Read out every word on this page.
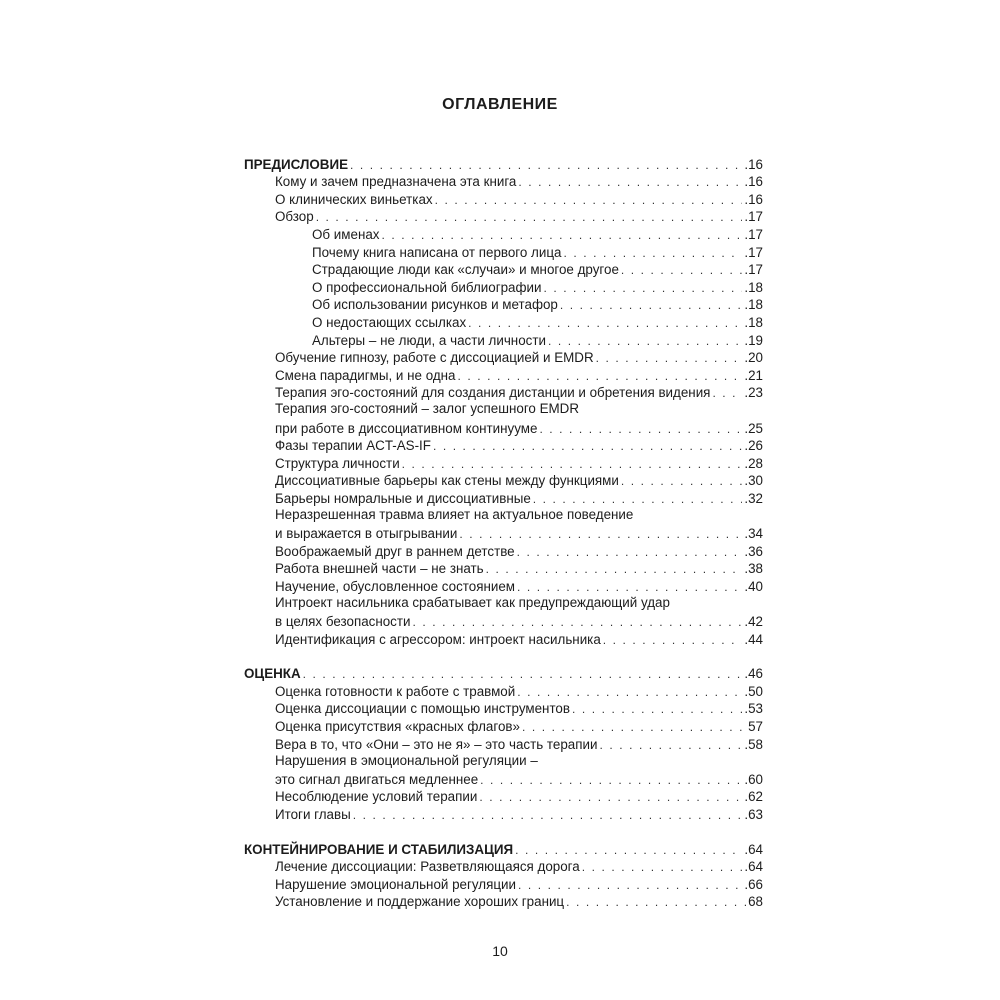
ОГЛАВЛЕНИЕ
ПРЕДИСЛОВИЕ . . .	.16
Кому и зачем предназначена эта книга . . .	.16
О клинических виньетках . . .	.16
Обзор . . .	.17
Об именах . . .	.17
Почему книга написана от первого лица . . .	.17
Страдающие люди как «случаи» и многое другое . . .	.17
О профессиональной библиографии . . .	.18
Об использовании рисунков и метафор . . .	.18
О недостающих ссылках . . .	.18
Альтеры – не люди, а части личности . . .	.19
Обучение гипнозу, работе с диссоциацией и EMDR . . .	.20
Смена парадигмы, и не одна . . .	.21
Терапия эго-состояний для создания дистанции и обретения видения . . .	.23
Терапия эго-состояний – залог успешного EMDR
при работе в диссоциативном континууме . . .	.25
Фазы терапии ACT-AS-IF . . .	.26
Структура личности . . .	.28
Диссоциативные барьеры как стены между функциями . . .	.30
Барьеры номральные и диссоциативные . . .	.32
Неразрешенная травма влияет на актуальное поведение
и выражается в отыгрывании . . .	.34
Воображаемый друг в раннем детстве . . .	.36
Работа внешней части – не знать . . .	.38
Научение, обусловленное состоянием . . .	.40
Интроект насильника срабатывает как предупреждающий удар
в целях безопасности . . .	.42
Идентификация с агрессором: интроект насильника . . .	.44
ОЦЕНКА . . .	.46
Оценка готовности к работе с травмой . . .	.50
Оценка диссоциации с помощью инструментов . . .	.53
Оценка присутствия «красных флагов» . . .	57
Вера в то, что «Они – это не я» – это часть терапии . . .	.58
Нарушения в эмоциональной регуляции –
это сигнал двигаться медленнее . . .	.60
Несоблюдение условий терапии . . .	.62
Итоги главы . . .	.63
КОНТЕЙНИРОВАНИЕ И СТАБИЛИЗАЦИЯ . . .	.64
Лечение диссоциации: Разветвляющаяся дорога . . .	.64
Нарушение эмоциональной регуляции . . .	.66
Установление и поддержание хороших границ . . .	68
10
